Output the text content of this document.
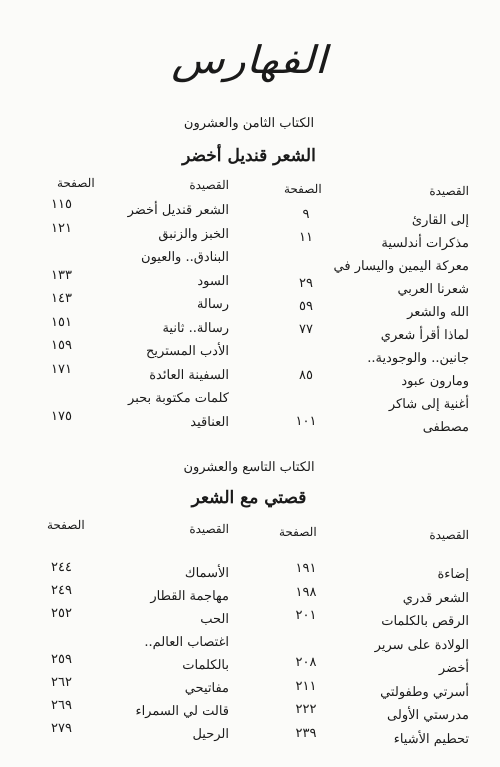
الفهارس
الكتاب الثامن والعشرون
الشعر قنديل أخضر
القصيدة
الصفحة
القصيدة
الصفحة
إلى القارئ
٩
مذكرات أندلسية
١١
معركة اليمين واليسار في
شعرنا العربي
٢٩
الله والشعر
٥٩
لماذا أقرأ شعري
٧٧
جانين.. والوجودية..
ومارون عبود
٨٥
أغنية إلى شاكر
مصطفى
١٠١
الشعر قنديل أخضر
١١٥
الخبز والزنبق
١٢١
البنادق.. والعيون
السود
١٣٣
رسالة
١٤٣
رسالة.. ثانية
١٥١
الأدب المستريح
١٥٩
السفينة العائدة
١٧١
كلمات مكتوبة بحبر
العناقيد
١٧٥
الكتاب التاسع والعشرون
قصتي مع الشعر
القصيدة
الصفحة
القصيدة
الصفحة
إضاءة
١٩١
الشعر قدري
١٩٨
الرقص بالكلمات
٢٠١
الولادة على سرير
أخضر
٢٠٨
أسرتي وطفولتي
٢١١
مدرستي الأولى
٢٢٢
تحطيم الأشياء
٢٣٩
الأسماك
٢٤٤
مهاجمة القطار
٢٤٩
الحب
٢٥٢
اغتصاب العالم..
بالكلمات
٢٥٩
مفاتيحي
٢٦٢
قالت لي السمراء
٢٦٩
الرحيل
٢٧٩
